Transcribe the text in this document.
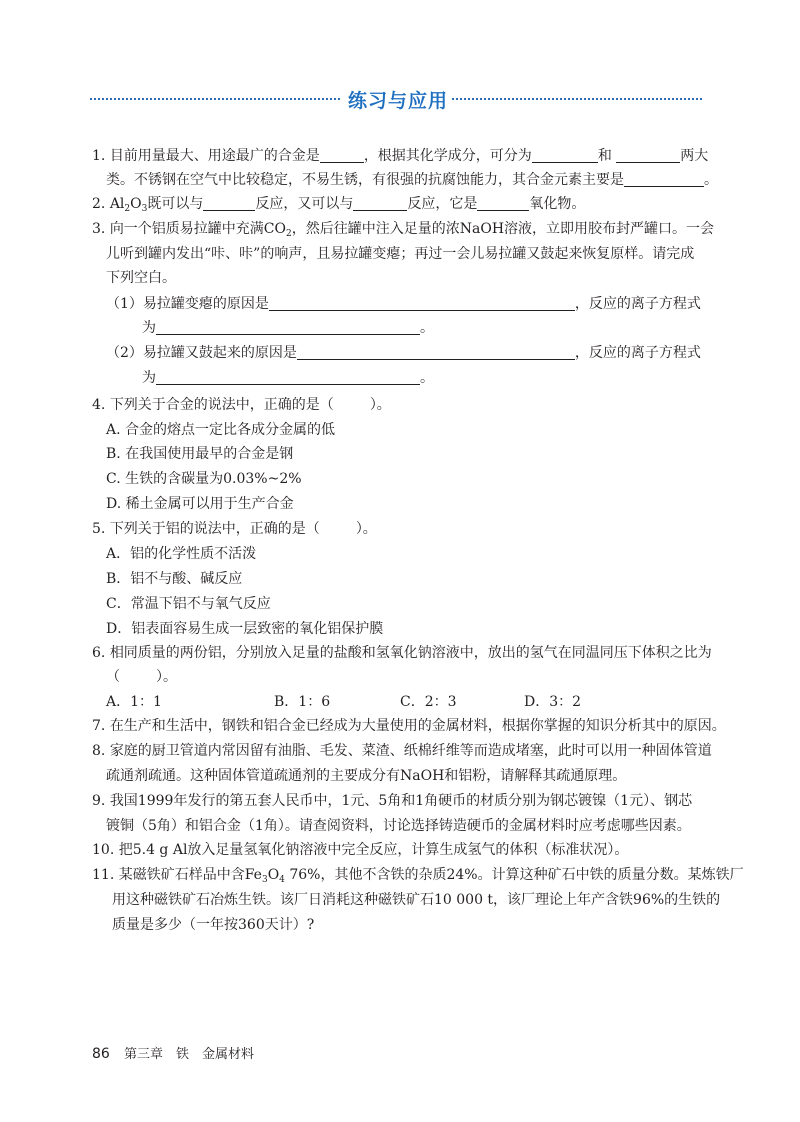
练习与应用
1. 目前用量最大、用途最广的合金是	，根据其化学成分，可分为	和	两大
类。不锈钢在空气中比较稳定，不易生锈，有很强的抗腐蚀能力，其合金元素主要是	。
2. $Al_2O_3$既可以与	反应，又可以与	反应，它是	氧化物。
3. 向一个铝质易拉罐中充满$CO_2$，然后往罐中注入足量的浓NaOH溶液，立即用胶布封严罐口。一会
儿听到罐内发出“咔、咔”的响声，且易拉罐变瘪；再过一会儿易拉罐又鼓起来恢复原样。请完成
下列空白。
（1）易拉罐变瘪的原因是	，反应的离子方程式
为	。
（2）易拉罐又鼓起来的原因是	，反应的离子方程式
为	。
4. 下列关于合金的说法中，正确的是（	）。
A. 合金的熔点一定比各成分金属的低
B. 在我国使用最早的合金是钢
C. 生铁的含碳量为0.03%~2%
D. 稀土金属可以用于生产合金
5. 下列关于铝的说法中，正确的是（	）。
A．铝的化学性质不活泼
B．铝不与酸、碱反应
C．常温下铝不与氧气反应
D．铝表面容易生成一层致密的氧化铝保护膜
6. 相同质量的两份铝，分别放入足量的盐酸和氢氧化钠溶液中，放出的氢气在同温同压下体积之比为
（	）。
A．1：1	B．1：6	C．2：3	D．3：2
7. 在生产和生活中，钢铁和铝合金已经成为大量使用的金属材料，根据你掌握的知识分析其中的原因。
8. 家庭的厨卫管道内常因留有油脂、毛发、菜渣、纸棉纤维等而造成堵塞，此时可以用一种固体管道
疏通剂疏通。这种固体管道疏通剂的主要成分有NaOH和铝粉，请解释其疏通原理。
9. 我国1999年发行的第五套人民币中，1元、5角和1角硬币的材质分别为钢芯镀镍（1元）、钢芯
镀铜（5角）和铝合金（1角）。请查阅资料，讨论选择铸造硬币的金属材料时应考虑哪些因素。
10. 把5.4 g Al放入足量氢氧化钠溶液中完全反应，计算生成氢气的体积（标准状况）。
11. 某磁铁矿石样品中含$Fe_3O_4$ 76%，其他不含铁的杂质24%。计算这种矿石中铁的质量分数。某炼铁厂
用这种磁铁矿石冶炼生铁。该厂日消耗这种磁铁矿石10 000 t，该厂理论上年产含铁96%的生铁的
质量是多少（一年按360天计）?
86 第三章　铁　金属材料
